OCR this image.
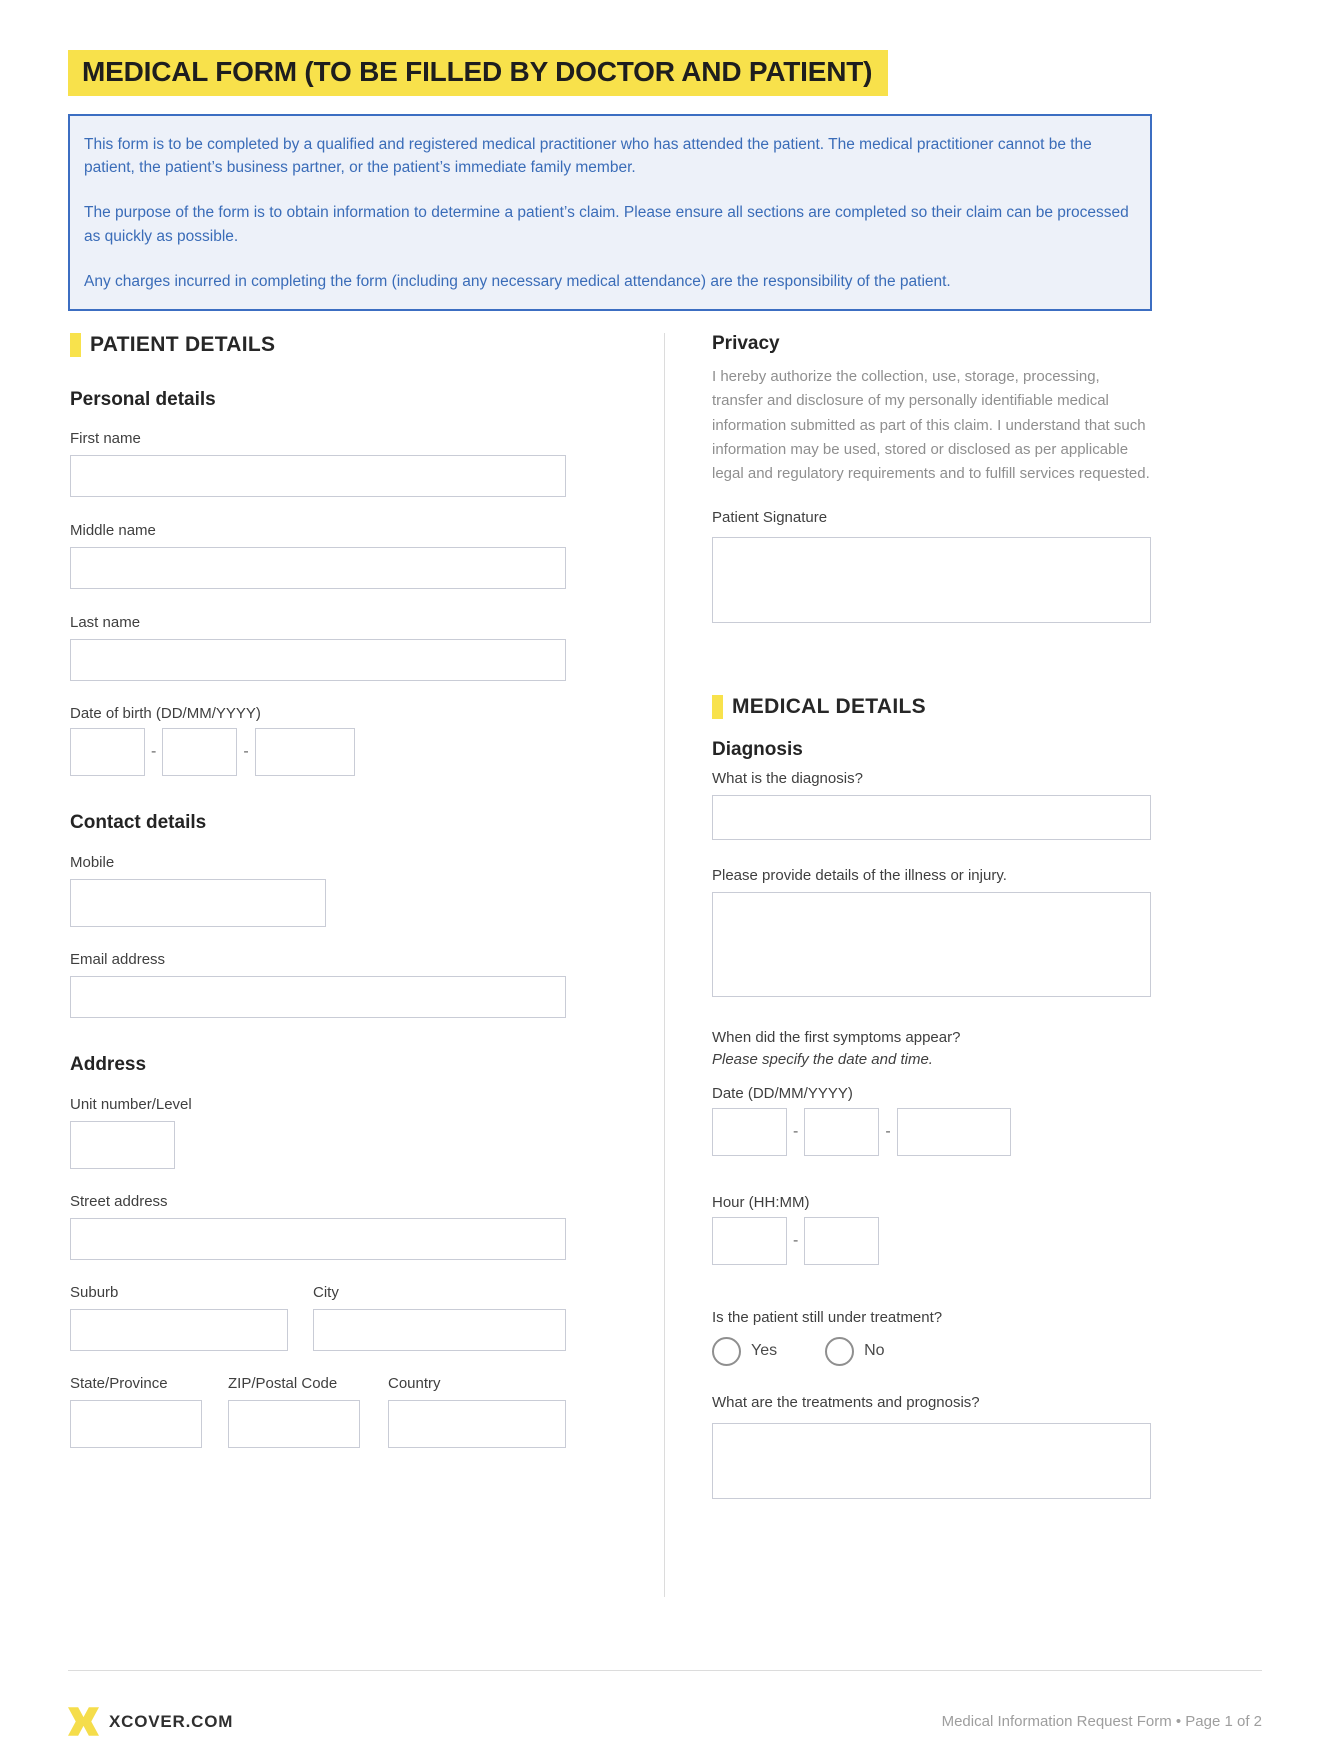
MEDICAL FORM (TO BE FILLED BY DOCTOR AND PATIENT)

This form is to be completed by a qualified and registered medical practitioner who has attended the patient. The medical practitioner cannot be the patient, the patient’s business partner, or the patient’s immediate family member.

The purpose of the form is to obtain information to determine a patient’s claim. Please ensure all sections are completed so their claim can be processed as quickly as possible.

Any charges incurred in completing the form (including any necessary medical attendance) are the responsibility of the patient.

PATIENT DETAILS
Personal details
First name
Middle name
Last name
Date of birth (DD/MM/YYYY)
-	-
Contact details
Mobile
Email address
Address
Unit number/Level
Street address
Suburb	City
State/Province	ZIP/Postal Code	Country
Privacy

I hereby authorize the collection, use, storage, processing, transfer and disclosure of my personally identifiable medical information submitted as part of this claim. I understand that such information may be used, stored or disclosed as per applicable legal and regulatory requirements and to fulfill services requested.

Patient Signature
MEDICAL DETAILS
Diagnosis
What is the diagnosis?
Please provide details of the illness or injury.
When did the first symptoms appear?
Please specify the date and time.
Date (DD/MM/YYYY)
-	-
Hour (HH:MM)
-
Is the patient still under treatment?
Yes	No
What are the treatments and prognosis?
XCOVER.COM	Medical Information Request Form • Page 1 of 2
